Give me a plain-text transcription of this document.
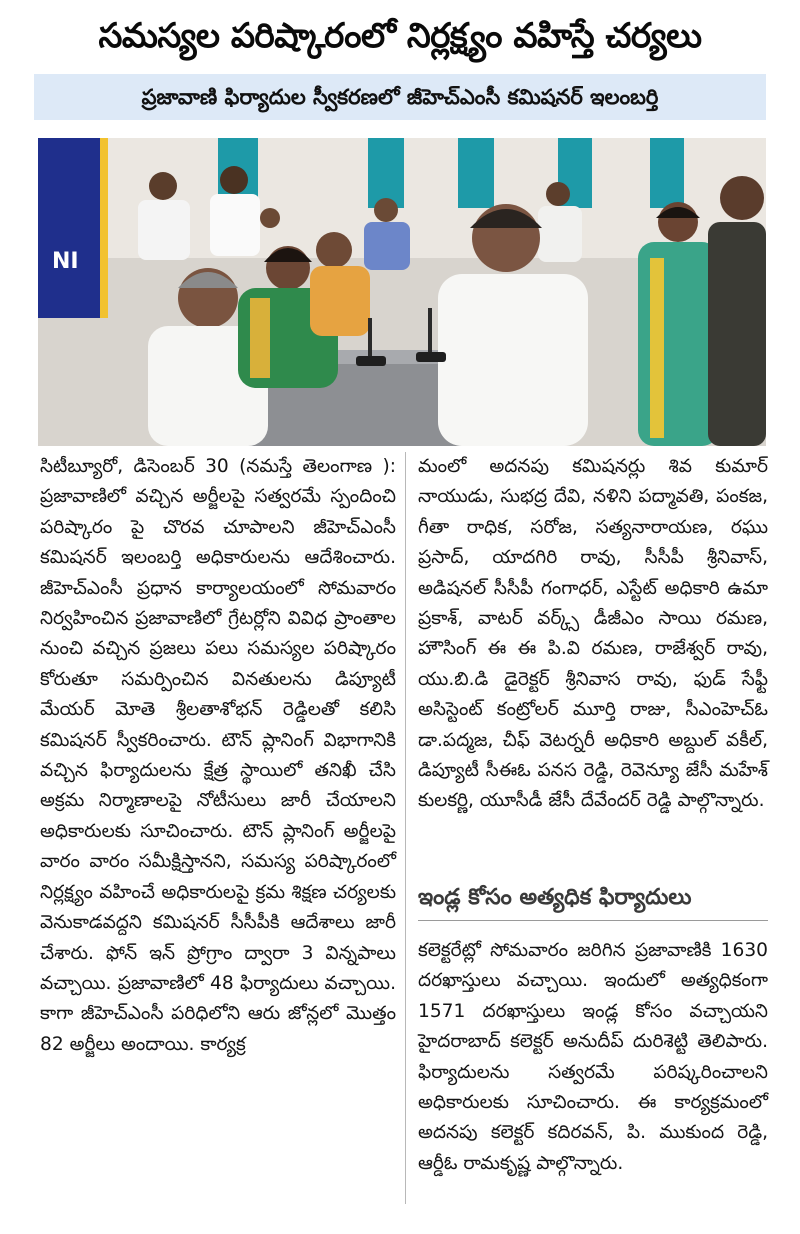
సమస్యల పరిష్కారంలో నిర్లక్ష్యం వహిస్తే చర్యలు
ప్రజావాణి ఫిర్యాదుల స్వీకరణలో జీహెచ్ఎంసీ కమిషనర్ ఇలంబర్తి
NI

సిటీబ్యూరో, డిసెంబర్ 30 (నమస్తే తెలంగాణ ): ప్రజావాణిలో వచ్చిన అర్జీలపై సత్వరమే స్పందించి పరిష్కారం పై చొరవ చూపాలని జీహెచ్ఎంసీ కమిషనర్ ఇలంబర్తి అధికారులను ఆదేశించారు. జీహెచ్ఎంసీ ప్రధాన కార్యాలయంలో సోమవారం నిర్వహించిన ప్రజావాణిలో గ్రేటర్లోని వివిధ ప్రాంతాల నుంచి వచ్చిన ప్రజలు పలు సమస్యల పరిష్కారం కోరుతూ సమర్పించిన వినతులను డిప్యూటీ మేయర్ మోతె శ్రీలతాశోభన్ రెడ్డిలతో కలిసి కమిషనర్ స్వీకరించారు. టౌన్ ప్లానింగ్ విభాగానికి వచ్చిన ఫిర్యాదులను క్షేత్ర స్థాయిలో తనిఖీ చేసి అక్రమ నిర్మాణాలపై నోటీసులు జారీ చేయాలని అధికారులకు సూచించారు. టౌన్ ప్లానింగ్ అర్జీలపై వారం వారం సమీక్షిస్తానని, సమస్య పరిష్కారంలో నిర్లక్ష్యం వహించే అధికారులపై క్రమ శిక్షణ చర్యలకు వెనుకాడవద్దని కమిషనర్ సీసీపీకి ఆదేశాలు జారీ చేశారు. ఫోన్ ఇన్ ప్రోగ్రాం ద్వారా 3 విన్నపాలు వచ్చాయి. ప్రజావాణిలో 48 ఫిర్యాదులు వచ్చాయి. కాగా జీహెచ్ఎంసీ పరిధిలోని ఆరు జోన్లలో మొత్తం 82 అర్జీలు అందాయి. కార్యక్ర

మంలో అదనపు కమిషనర్లు శివ కుమార్ నాయుడు, సుభద్ర దేవి, నళిని పద్మావతి, పంకజ, గీతా రాధిక, సరోజ, సత్యనారాయణ, రఘు ప్రసాద్, యాదగిరి రావు, సీసీపీ శ్రీనివాస్, అడిషనల్ సీసీపీ గంగాధర్, ఎస్టేట్ అధికారి ఉమా ప్రకాశ్, వాటర్ వర్క్స్ డీజీఎం సాయి రమణ, హౌసింగ్ ఈ ఈ పి.వి రమణ, రాజేశ్వర్ రావు, యు.బి.డి డైరెక్టర్ శ్రీనివాస రావు, ఫుడ్ సేఫ్టీ అసిస్టెంట్ కంట్రోలర్ మూర్తి రాజు, సీఎంహెచ్ఓ డా.పద్మజ, చీఫ్ వెటర్నరీ అధికారి అబ్దుల్ వకీల్, డిప్యూటీ సీఈఓ పనస రెడ్డి, రెవెన్యూ జేసీ మహేశ్ కులకర్ణి, యూసీడీ జేసీ దేవేందర్ రెడ్డి పాల్గొన్నారు.

ఇండ్ల కోసం అత్యధిక ఫిర్యాదులు

కలెక్టరేట్లో సోమవారం జరిగిన ప్రజావాణికి 1630 దరఖాస్తులు వచ్చాయి. ఇందులో అత్యధికంగా 1571 దరఖాస్తులు ఇండ్ల కోసం వచ్చాయని హైదరాబాద్ కలెక్టర్ అనుదీప్ దురిశెట్టి తెలిపారు. ఫిర్యాదులను సత్వరమే పరిష్కరించాలని అధికారులకు సూచించారు. ఈ కార్యక్రమంలో అదనపు కలెక్టర్ కదిరవన్, పి. ముకుంద రెడ్డి, ఆర్డీఓ రామకృష్ణ పాల్గొన్నారు.
